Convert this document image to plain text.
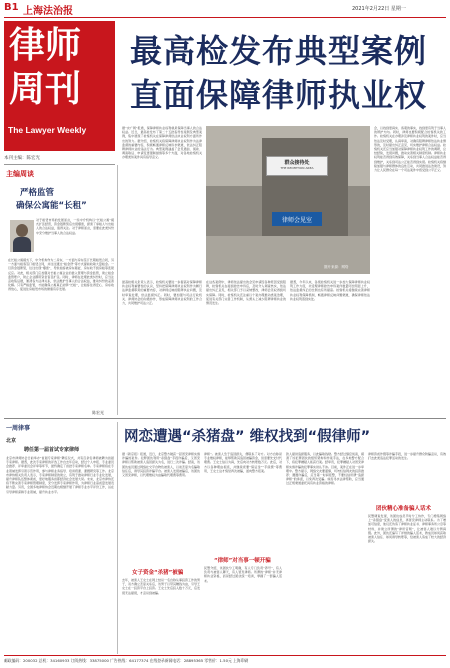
B1 上海法治报	2021年2月22日 星期一
律师
周刊
The Lawyer Weekly
本刊主编：陈宏光
最高检发布典型案例
直面保障律师执业权
主编周谈
严格监管
确保公寓能“长租”
对于租赁市场的发展而言，一些中介机构以“长租公寓”模式扩张经营，资金链断裂后出现爆雷，损害了承租人与出租人的合法权益，值得关注。对于律师而言，需要在此类纠纷中充分维护当事人的合法权益。
在长租公寓模式下，中介机构作为二房东，一方面与房东签订长期租赁合同，另一方面与租客签订租赁合同，并往往通过“租金贷”等方式提前收取大量租金。一旦资金链断裂，往往出现“爆雷”，导致租客被房东驱赶、房东收不到房租等连锁反应。对此，相关部门应加强对长租公寓企业的准入管理与资金监管，建立租金监管账户，防止企业挪用资金盲目扩张。同时，律师在处理此类纠纷时，应当注意收集证据，厘清各方法律关系，依法维护当事人的合法权益，推动纠纷的妥善化解。只有严格监管，才能确保公寓真正能够“长租”，让租客住得安心、房东收得放心，促进住房租赁市场的健康有序发展。
陈宏光
据“央广网”报道，保障律师执业权利就是保障当事人的合法权益。近日，最高检发布了第二十五批指导性案例及典型案例，集中展现了检察机关在保障律师依法执业权利方面所作出的努力。据介绍，检察机关将保障律师执业权利作为法律监督的重要内容，积极畅通律师反映诉求渠道，依法纠正阻碍律师执业的违法行为。典型案例涵盖了会见通信、阅卷、调查取证、申请变更强制措施等多个方面，对各地检察机关办理类似案件具有指导意义。
最高检相关负责人表示，检察机关要进一步提高对保障律师执业权利重要性的认识，坚持把保障律师执业权利作为履行法律监督职责的重要内容，对律师反映的阻碍执业问题，及时审查处理，依法监督纠正。同时，要加强与司法行政机关、律师协会的沟通协作，形成保障律师执业权利的工作合力，共同维护司法公正。
在这些案例中，律师依法提出的会见申请因各种原因受到阻碍，检察机关在接到控告申诉后，及时介入调查核实，依法提出纠正意见，相关部门予以采纳整改，律师会见权得到切实保障。同时，检察机关还注重以个案办理推动类案治理，促进有关部门完善工作机制，从源头上减少阻碍律师执业的情况发生。
据悉，今年以来，各级检察机关进一步加大保障律师执业权利工作力度，共受理律师控告申诉案件数量同比明显上升，依法监督纠正的比例也有所提高。检察机关将继续完善律师执业权利保障机制，畅通律师反映问题渠道，确保律师依法执业权利落到实处。
会，以找到更真实、客观的事实，找到更有利于当事人的辩护方向。同时，律师也要积极配合检察机关的工作。检察机关在办理涉及律师执业权利的案件时，应当依法及时受理，认真审查，对确有阻碍律师依法执业情形的，及时提出纠正意见，切实维护律师合法权益。检察机关还应当加强对保障律师执业权利工作的调研，总结经验，发现问题，推动完善相关制度机制。律师执业权利能否得到有效保障，关系到当事人合法权益能否得到维护，关系到司法公正能否得到实现。检察机关将继续加强与律师群体的良性互动，共同推进法治建设，努力让人民群众在每一个司法案件中感受到公平正义。
群众接待处
THE RECEPTION AREA
律师会见室
图片来源：网络
一周律事
北京
聘任第一届首试专家律师
北京市律师协会日前举办“首届专家律师”聘任仪式，共有百余名律师被聘为首届专家律师。据悉，此次专家律师的评选工作自去年启动，经过个人申报、专业委员会推荐、评审委员会评审等环节，最终确定了首批专家律师名单。专家律师将在专业领域发挥引领示范作用，参与律师业务指导、培训授课、课题研究等工作。北京市律协相关负责人表示，专家律师制度的建立，有利于推动律师行业专业化发展，提升律师队伍整体素质，更好地服务首都经济社会发展大局。未来，北京市律协还将不断完善专家律师管理制度，充分发挥专家律师作用，为律师行业高质量发展贡献力量。另讯，全国多地律师协会近期也相继开展了律师专业水平评价工作，旨在引导律师深耕专业领域，提升执业水平。
网恋遭遇“杀猪盘” 维权找到“假律师”
据《新京报》报道，近日，北京警方破获一起冒充律师实施诈骗的案件。犯罪团伙利用“杀猪盘”手段诈骗后，又冒充律师以帮助被害人追回损失为名，进行二次诈骗。经查，该团伙成员通过网络社交平台物色被害人，以谈恋爱为名骗取信任后，诱导其投资诈骗平台。被害人发现被骗后，该团伙又冒充律师，以代理维权为由骗取代理费等费用。
女子资金“杀猪”被骗
去年，被害人王女士在网上结识一名自称从事投资工作的男子，双方确立恋爱关系后，该男子以带其赚钱为由，引导王女士在一投资平台上投资。王女士先后投入数十万元，后发现无法提现，才意识到被骗。
律师”。被害人急于追回损失，便联系了对方。对方自称是专业维权律师，能够帮助其追回被骗资金，但需要先支付代理费。王女士信以为真，先后向对方转账数万元。此后，对方以各种理由拖延，并继续索要“保证金”“手续费”等费用，王女士这才察觉再次被骗，遂向警方报案。
“律师”对当事一顿开骗
民警介绍，该团伙分工明确，有人专门负责“养号”，有人负责与被害人聊天，有人冒充律师。所谓的“律师”并无律师执业资格，而是经过团伙统一培训，掌握了一套骗人话术。
款人提供追损服务，以此骗取钱财。警方经过缜密侦查，摸清了该犯罪团伙的组织架构和作案手法，在多地警方配合下，将犯罪嫌疑人抓获归案。经审讯，犯罪嫌疑人对冒充律师实施诈骗的犯罪事实供认不讳。目前，案件正在进一步审理中。警方提示，网络交友要谨慎，切勿轻信网友的投资推荐；遭遇诈骗后，应当第一时间报警，不要轻信所谓“追损律师”的承诺，以免再次受骗。如需寻求法律帮助，应当通过正规渠道委托具有执业资格的律师。
团伙精心准备骗人话术
律师资质作假等诈骗手段，进一步提升群众防骗意识，有效打击此类违法犯罪活动的发生。
民警调查发现，该团伙成员平时分工协作，专门搜集网络上“杀猪盘”受害人的信息，再冒充律师主动联系。为了增加可信度，他们还伪造了律师执业证书、律师事务所公章等材料，并建立所谓的“律所官网”，让被害人难以分辨真假。此外，团伙还编写了详细的骗人话术，教成员如何获取被害人信任、如何诱导转账等，给被害人造成了较大的经济损失。
邮政编码：200032 总机：34160933 订阅热线：33875000 广告热线：64177374 在线登录新闻电话：28895365 零售价：1.50元 上海印刷
